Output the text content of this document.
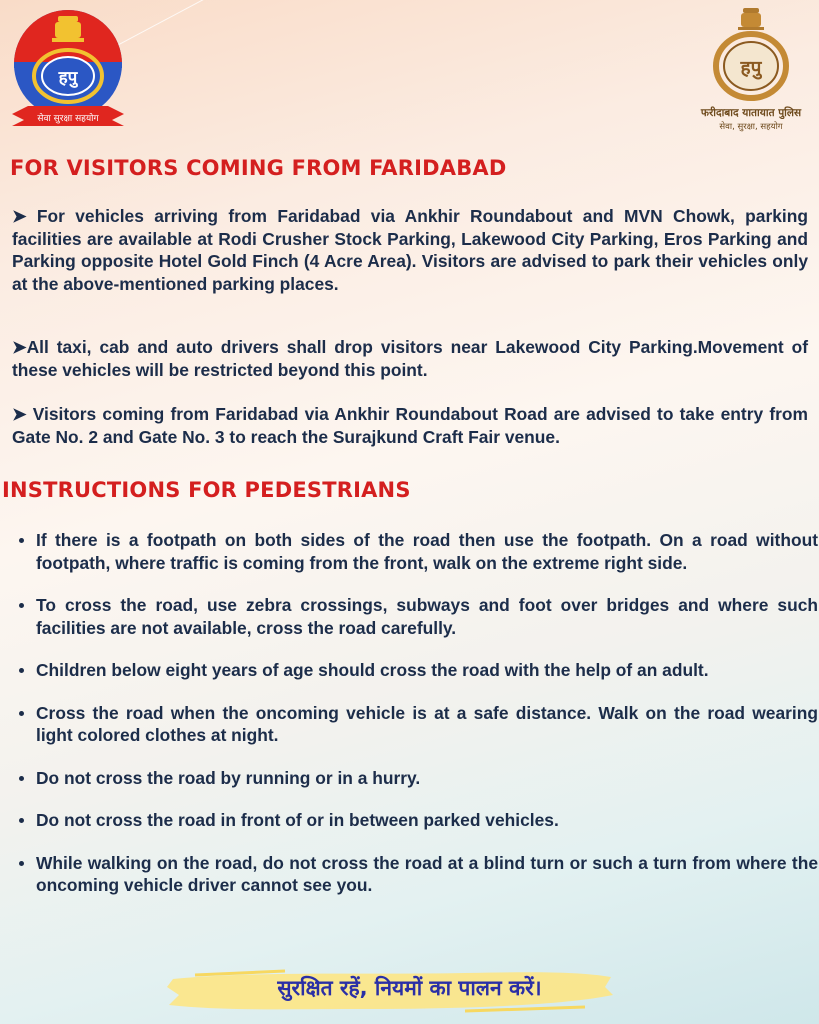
हपु
सेवा सुरक्षा सहयोग
हपु
फरीदाबाद यातायात पुलिस
सेवा, सुरक्षा, सहयोग
FOR VISITORS COMING FROM FARIDABAD

➤ For vehicles arriving from Faridabad via Ankhir Roundabout and MVN Chowk, parking facilities are available at Rodi Crusher Stock Parking, Lakewood City Parking, Eros Parking and Parking opposite Hotel Gold Finch (4 Acre Area). Visitors are advised to park their vehicles only at the above-mentioned parking places.

➤All taxi, cab and auto drivers shall drop visitors near Lakewood City Parking.Movement of these vehicles will be restricted beyond this point.

➤ Visitors coming from Faridabad via Ankhir Roundabout Road are advised to take entry from Gate No. 2 and Gate No. 3 to reach the Surajkund Craft Fair venue.

INSTRUCTIONS FOR PEDESTRIANS
If there is a footpath on both sides of the road then use the footpath. On a road without footpath, where traffic is coming from the front, walk on the extreme right side.
To cross the road, use zebra crossings, subways and foot over bridges and where such facilities are not available, cross the road carefully.
Children below eight years of age should cross the road with the help of an adult.
Cross the road when the oncoming vehicle is at a safe distance. Walk on the road wearing light colored clothes at night.
Do not cross the road by running or in a hurry.
Do not cross the road in front of or in between parked vehicles.
While walking on the road, do not cross the road at a blind turn or such a turn from where the oncoming vehicle driver cannot see you.
सुरक्षित रहें, नियमों का पालन करें।
